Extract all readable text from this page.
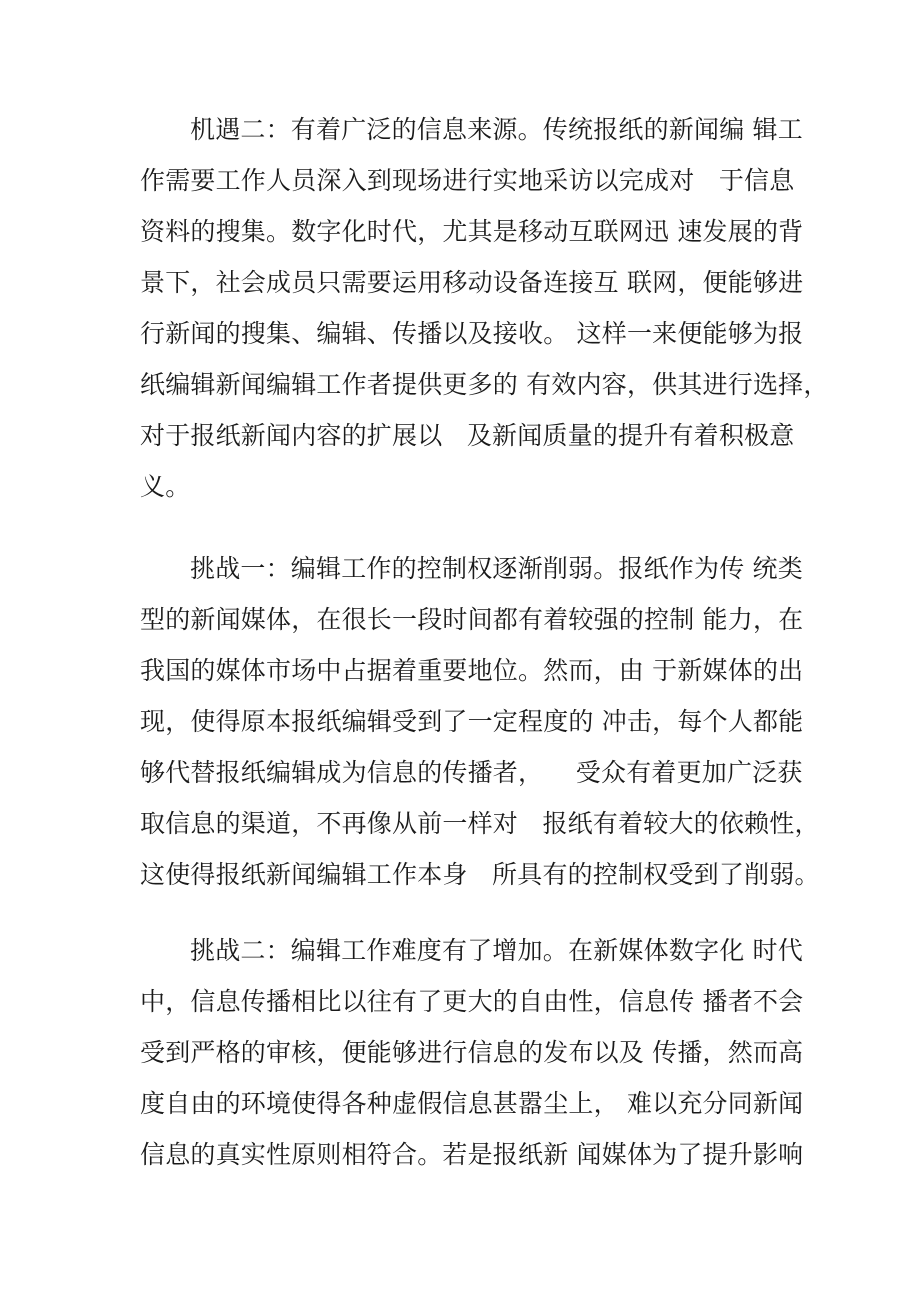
机遇二：有着广泛的信息来源。传统报纸的新闻编 辑工
作需要工作人员深入到现场进行实地采访以完成对   于信息
资料的搜集。数字化时代，尤其是移动互联网迅 速发展的背
景下，社会成员只需要运用移动设备连接互 联网，便能够进
行新闻的搜集、编辑、传播以及接收。 这样一来便能够为报
纸编辑新闻编辑工作者提供更多的 有效内容，供其进行选择，
对于报纸新闻内容的扩展以   及新闻质量的提升有着积极意
义。
挑战一：编辑工作的控制权逐渐削弱。报纸作为传 统类
型的新闻媒体，在很长一段时间都有着较强的控制 能力，在
我国的媒体市场中占据着重要地位。然而，由 于新媒体的出
现，使得原本报纸编辑受到了一定程度的 冲击，每个人都能
够代替报纸编辑成为信息的传播者，    受众有着更加广泛获
取信息的渠道，不再像从前一样对   报纸有着较大的依赖性，
这使得报纸新闻编辑工作本身   所具有的控制权受到了削弱。
挑战二：编辑工作难度有了增加。在新媒体数字化 时代
中，信息传播相比以往有了更大的自由性，信息传 播者不会
受到严格的审核，便能够进行信息的发布以及 传播，然而高
度自由的环境使得各种虚假信息甚嚣尘上， 难以充分同新闻
信息的真实性原则相符合。若是报纸新 闻媒体为了提升影响
